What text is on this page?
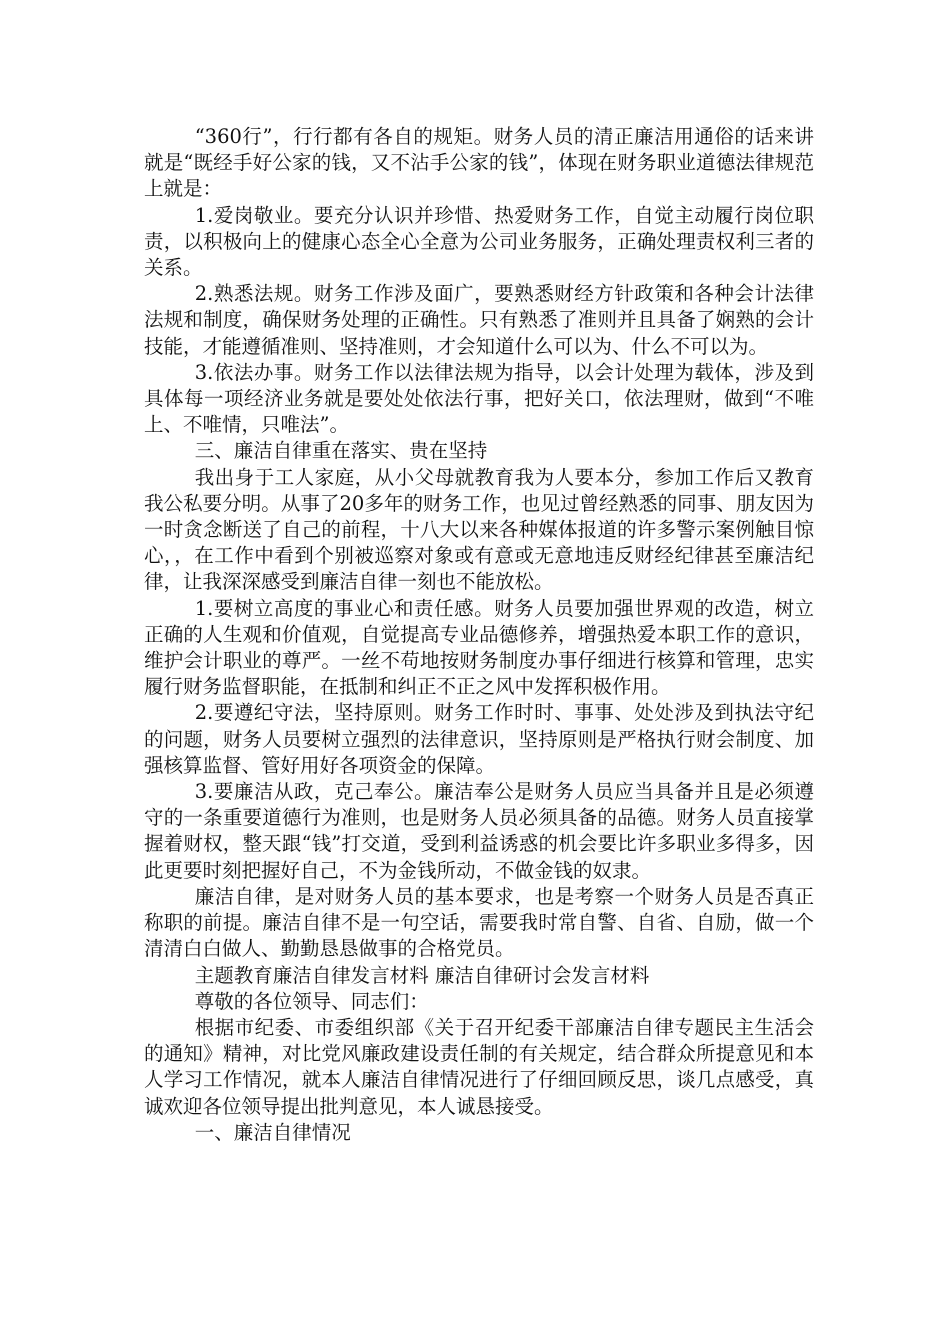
“360行”，行行都有各自的规矩。财务人员的清正廉洁用通俗的话来讲就是“既经手好公家的钱，又不沾手公家的钱”，体现在财务职业道德法律规范上就是：

1.爱岗敬业。要充分认识并珍惜、热爱财务工作，自觉主动履行岗位职责，以积极向上的健康心态全心全意为公司业务服务，正确处理责权利三者的关系。

2.熟悉法规。财务工作涉及面广，要熟悉财经方针政策和各种会计法律法规和制度，确保财务处理的正确性。只有熟悉了准则并且具备了娴熟的会计技能，才能遵循准则、坚持准则，才会知道什么可以为、什么不可以为。

3.依法办事。财务工作以法律法规为指导，以会计处理为载体，涉及到具体每一项经济业务就是要处处依法行事，把好关口，依法理财，做到“不唯上、不唯情，只唯法”。

三、廉洁自律重在落实、贵在坚持

我出身于工人家庭，从小父母就教育我为人要本分，参加工作后又教育我公私要分明。从事了20多年的财务工作，也见过曾经熟悉的同事、朋友因为一时贪念断送了自己的前程，十八大以来各种媒体报道的许多警示案例触目惊心，，在工作中看到个别被巡察对象或有意或无意地违反财经纪律甚至廉洁纪律，让我深深感受到廉洁自律一刻也不能放松。

1.要树立高度的事业心和责任感。财务人员要加强世界观的改造，树立正确的人生观和价值观，自觉提高专业品德修养，增强热爱本职工作的意识，维护会计职业的尊严。一丝不苟地按财务制度办事仔细进行核算和管理，忠实履行财务监督职能，在抵制和纠正不正之风中发挥积极作用。

2.要遵纪守法，坚持原则。财务工作时时、事事、处处涉及到执法守纪的问题，财务人员要树立强烈的法律意识，坚持原则是严格执行财会制度、加强核算监督、管好用好各项资金的保障。

3.要廉洁从政，克己奉公。廉洁奉公是财务人员应当具备并且是必须遵守的一条重要道德行为准则，也是财务人员必须具备的品德。财务人员直接掌握着财权，整天跟“钱”打交道，受到利益诱惑的机会要比许多职业多得多，因此更要时刻把握好自己，不为金钱所动，不做金钱的奴隶。

廉洁自律，是对财务人员的基本要求，也是考察一个财务人员是否真正称职的前提。廉洁自律不是一句空话，需要我时常自警、自省、自励，做一个清清白白做人、勤勤恳恳做事的合格党员。

主题教育廉洁自律发言材料 廉洁自律研讨会发言材料

尊敬的各位领导、同志们：

根据市纪委、市委组织部《关于召开纪委干部廉洁自律专题民主生活会的通知》精神，对比党风廉政建设责任制的有关规定，结合群众所提意见和本人学习工作情况，就本人廉洁自律情况进行了仔细回顾反思，谈几点感受，真诚欢迎各位领导提出批判意见，本人诚恳接受。

一、廉洁自律情况
